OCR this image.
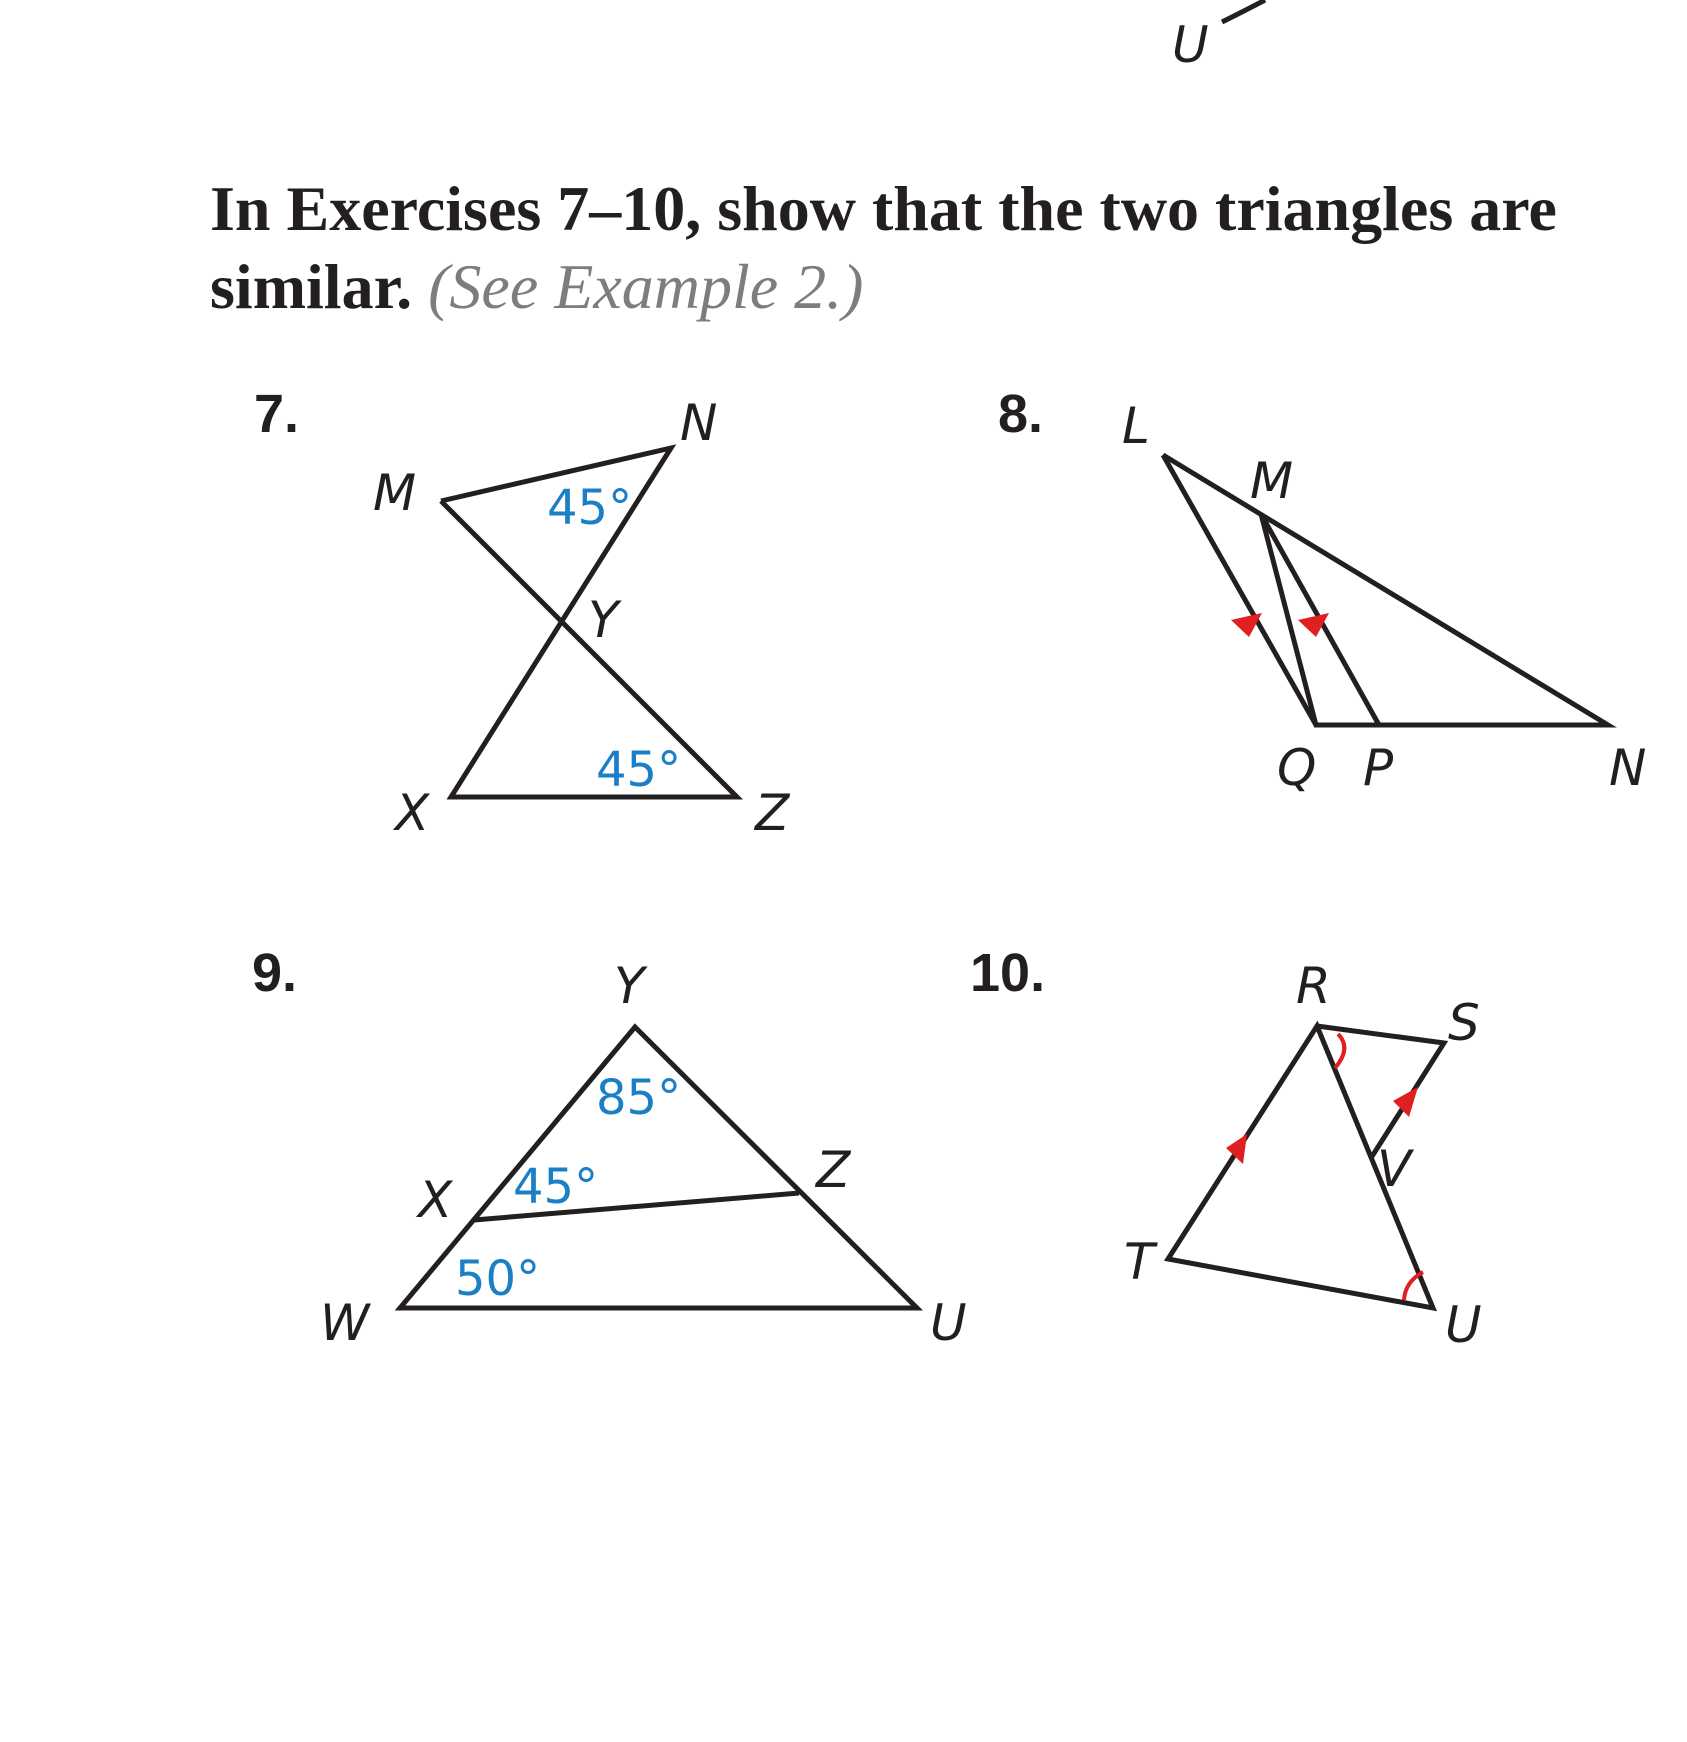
In Exercises 7–10, show that the two triangles are similar. (See Example 2.)

7.	8.
9.	10.
U
M
N
Y
X	Z
45°
45°
L
M
Q P	N
Y
X
Z
W	U
85°
45°
50°
R
S
V
T
U
